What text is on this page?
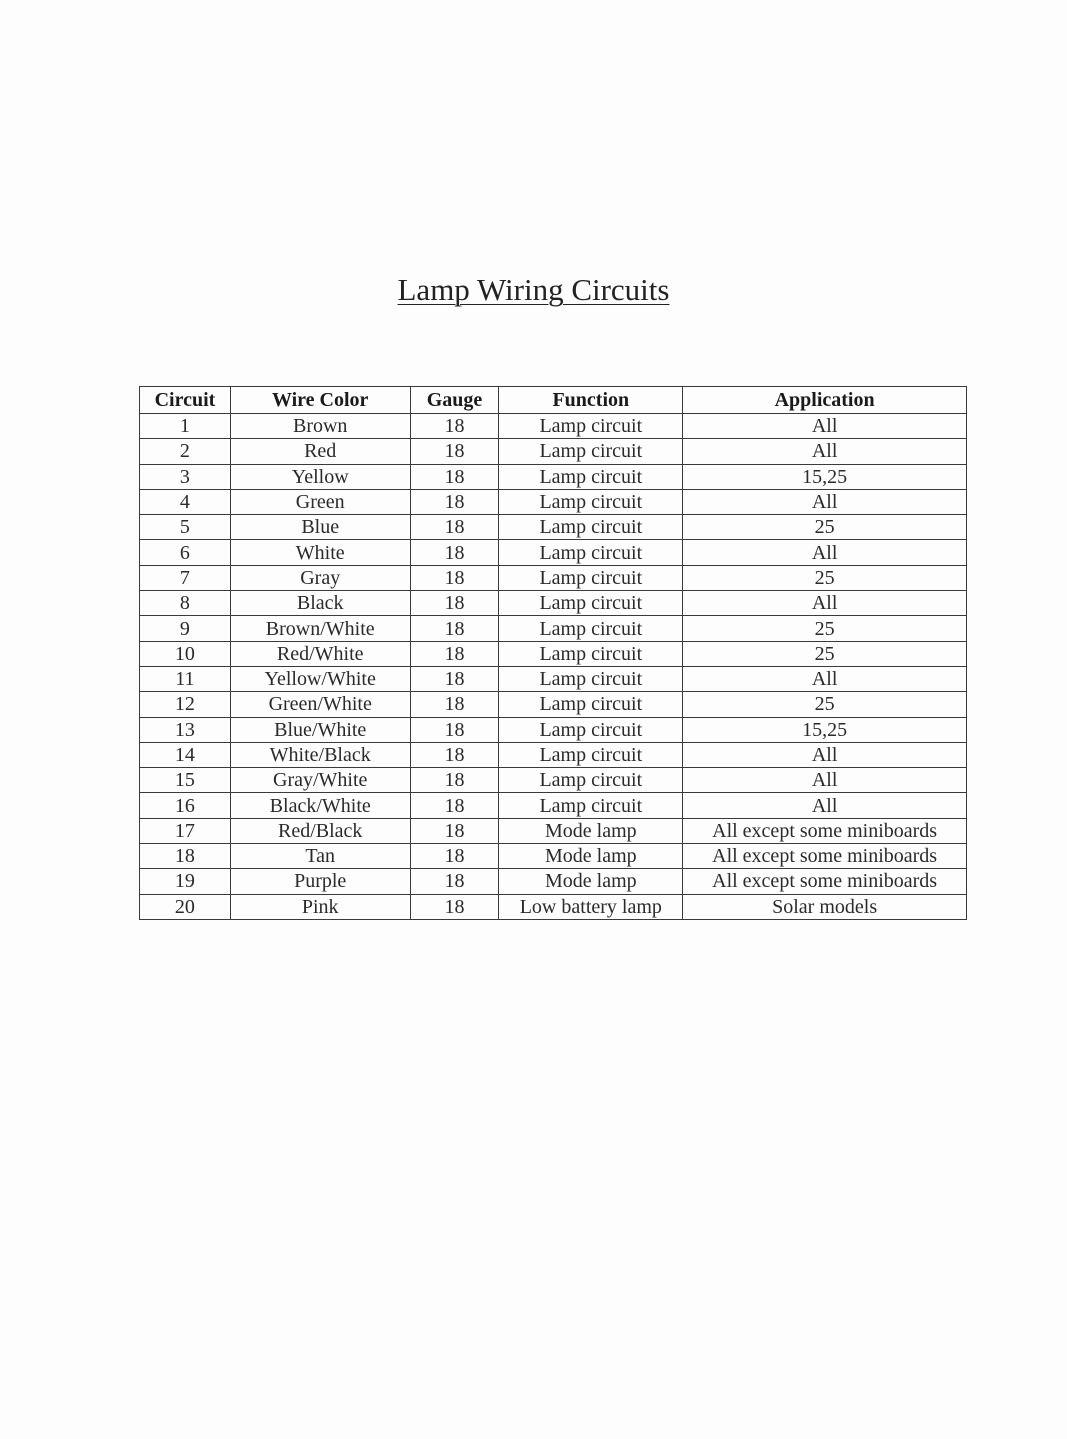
Lamp Wiring Circuits
Circuit	Wire Color	Gauge	Function	Application
1	Brown	18	Lamp circuit	All
2	Red	18	Lamp circuit	All
3	Yellow	18	Lamp circuit	15,25
4	Green	18	Lamp circuit	All
5	Blue	18	Lamp circuit	25
6	White	18	Lamp circuit	All
7	Gray	18	Lamp circuit	25
8	Black	18	Lamp circuit	All
9	Brown/White	18	Lamp circuit	25
10	Red/White	18	Lamp circuit	25
11	Yellow/White	18	Lamp circuit	All
12	Green/White	18	Lamp circuit	25
13	Blue/White	18	Lamp circuit	15,25
14	White/Black	18	Lamp circuit	All
15	Gray/White	18	Lamp circuit	All
16	Black/White	18	Lamp circuit	All
17	Red/Black	18	Mode lamp	All except some miniboards
18	Tan	18	Mode lamp	All except some miniboards
19	Purple	18	Mode lamp	All except some miniboards
20	Pink	18	Low battery lamp	Solar models
